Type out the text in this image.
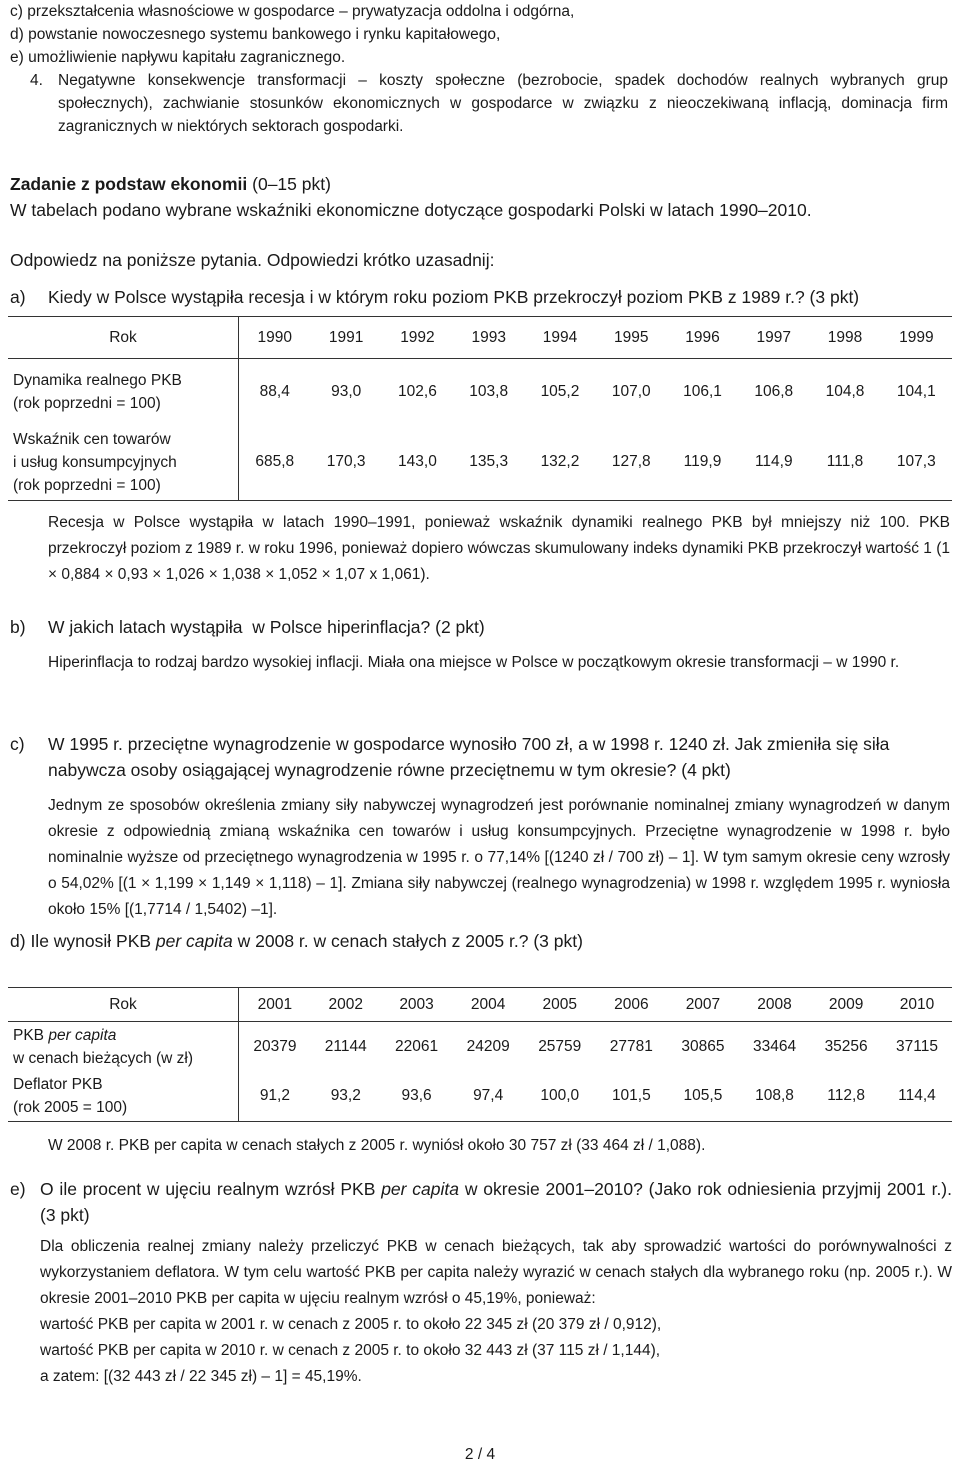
c) przekształcenia własnościowe w gospodarce – prywatyzacja oddolna i odgórna,
d) powstanie nowoczesnego systemu bankowego i rynku kapitałowego,
e) umożliwienie napływu kapitału zagranicznego.
4. Negatywne konsekwencje transformacji – koszty społeczne (bezrobocie, spadek dochodów realnych wybranych grup społecznych), zachwianie stosunków ekonomicznych w gospodarce w związku z nieoczekiwaną inflacją, dominacja firm zagranicznych w niektórych sektorach gospodarki.
Zadanie z podstaw ekonomii (0–15 pkt)
W tabelach podano wybrane wskaźniki ekonomiczne dotyczące gospodarki Polski w latach 1990–2010.
Odpowiedz na poniższe pytania. Odpowiedzi krótko uzasadnij:
a)	Kiedy w Polsce wystąpiła recesja i w którym roku poziom PKB przekroczył poziom PKB z 1989 r.? (3 pkt)
Rok	1990	1991	1992	1993	1994	1995	1996	1997	1998	1999

Dynamika realnego PKB
(rok poprzedni = 100)	88,4	93,0	102,6	103,8	105,2	107,0	106,1	106,8	104,8	104,1

Wskaźnik cen towarów
i usług konsumpcyjnych
(rok poprzedni = 100)	685,8	170,3	143,0	135,3	132,2	127,8	119,9	114,9	111,8	107,3
Recesja w Polsce wystąpiła w latach 1990–1991, ponieważ wskaźnik dynamiki realnego PKB był mniejszy niż 100. PKB przekroczył poziom z 1989 r. w roku 1996, ponieważ dopiero wówczas skumulowany indeks dynamiki PKB przekroczył wartość 1 (1 × 0,884 × 0,93 × 1,026 × 1,038 × 1,052 × 1,07 x 1,061).
b)	W jakich latach wystąpiła  w Polsce hiperinflacja? (2 pkt)
Hiperinflacja to rodzaj bardzo wysokiej inflacji. Miała ona miejsce w Polsce w początkowym okresie transformacji – w 1990 r.
c)	W 1995 r. przeciętne wynagrodzenie w gospodarce wynosiło 700 zł, a w 1998 r. 1240 zł. Jak zmieniła się siła nabywcza osoby osiągającej wynagrodzenie równe przeciętnemu w tym okresie? (4 pkt)
Jednym ze sposobów określenia zmiany siły nabywczej wynagrodzeń jest porównanie nominalnej zmiany wynagrodzeń w danym okresie z odpowiednią zmianą wskaźnika cen towarów i usług konsumpcyjnych. Przeciętne wynagrodzenie w 1998 r. było nominalnie wyższe od przeciętnego wynagrodzenia w 1995 r. o 77,14% [(1240 zł / 700 zł) – 1]. W tym samym okresie ceny wzrosły o 54,02% [(1 × 1,199 × 1,149 × 1,118) – 1]. Zmiana siły nabywczej (realnego wynagrodzenia) w 1998 r. względem 1995 r. wyniosła około 15% [(1,7714 / 1,5402) –1].
d) Ile wynosił PKB per capita w 2008 r. w cenach stałych z 2005 r.? (3 pkt)
Rok	2001	2002	2003	2004	2005	2006	2007	2008	2009	2010

PKB per capita
w cenach bieżących (w zł)	20379	21144	22061	24209	25759	27781	30865	33464	35256	37115

Deflator PKB
(rok 2005 = 100)	91,2	93,2	93,6	97,4	100,0	101,5	105,5	108,8	112,8	114,4
W 2008 r. PKB per capita w cenach stałych z 2005 r. wyniósł około 30 757 zł (33 464 zł / 1,088).
e) O ile procent w ujęciu realnym wzrósł PKB per capita w okresie 2001–2010? (Jako rok odniesienia przyjmij 2001 r.). (3 pkt)
Dla obliczenia realnej zmiany należy przeliczyć PKB w cenach bieżących, tak aby sprowadzić wartości do porównywalności z wykorzystaniem deflatora. W tym celu wartość PKB per capita należy wyrazić w cenach stałych dla wybranego roku (np. 2005 r.). W okresie 2001–2010 PKB per capita w ujęciu realnym wzrósł o 45,19%, ponieważ:
wartość PKB per capita w 2001 r. w cenach z 2005 r. to około 22 345 zł (20 379 zł / 0,912),
wartość PKB per capita w 2010 r. w cenach z 2005 r. to około 32 443 zł (37 115 zł / 1,144),
a zatem: [(32 443 zł / 22 345 zł) – 1] = 45,19%.
2 / 4
